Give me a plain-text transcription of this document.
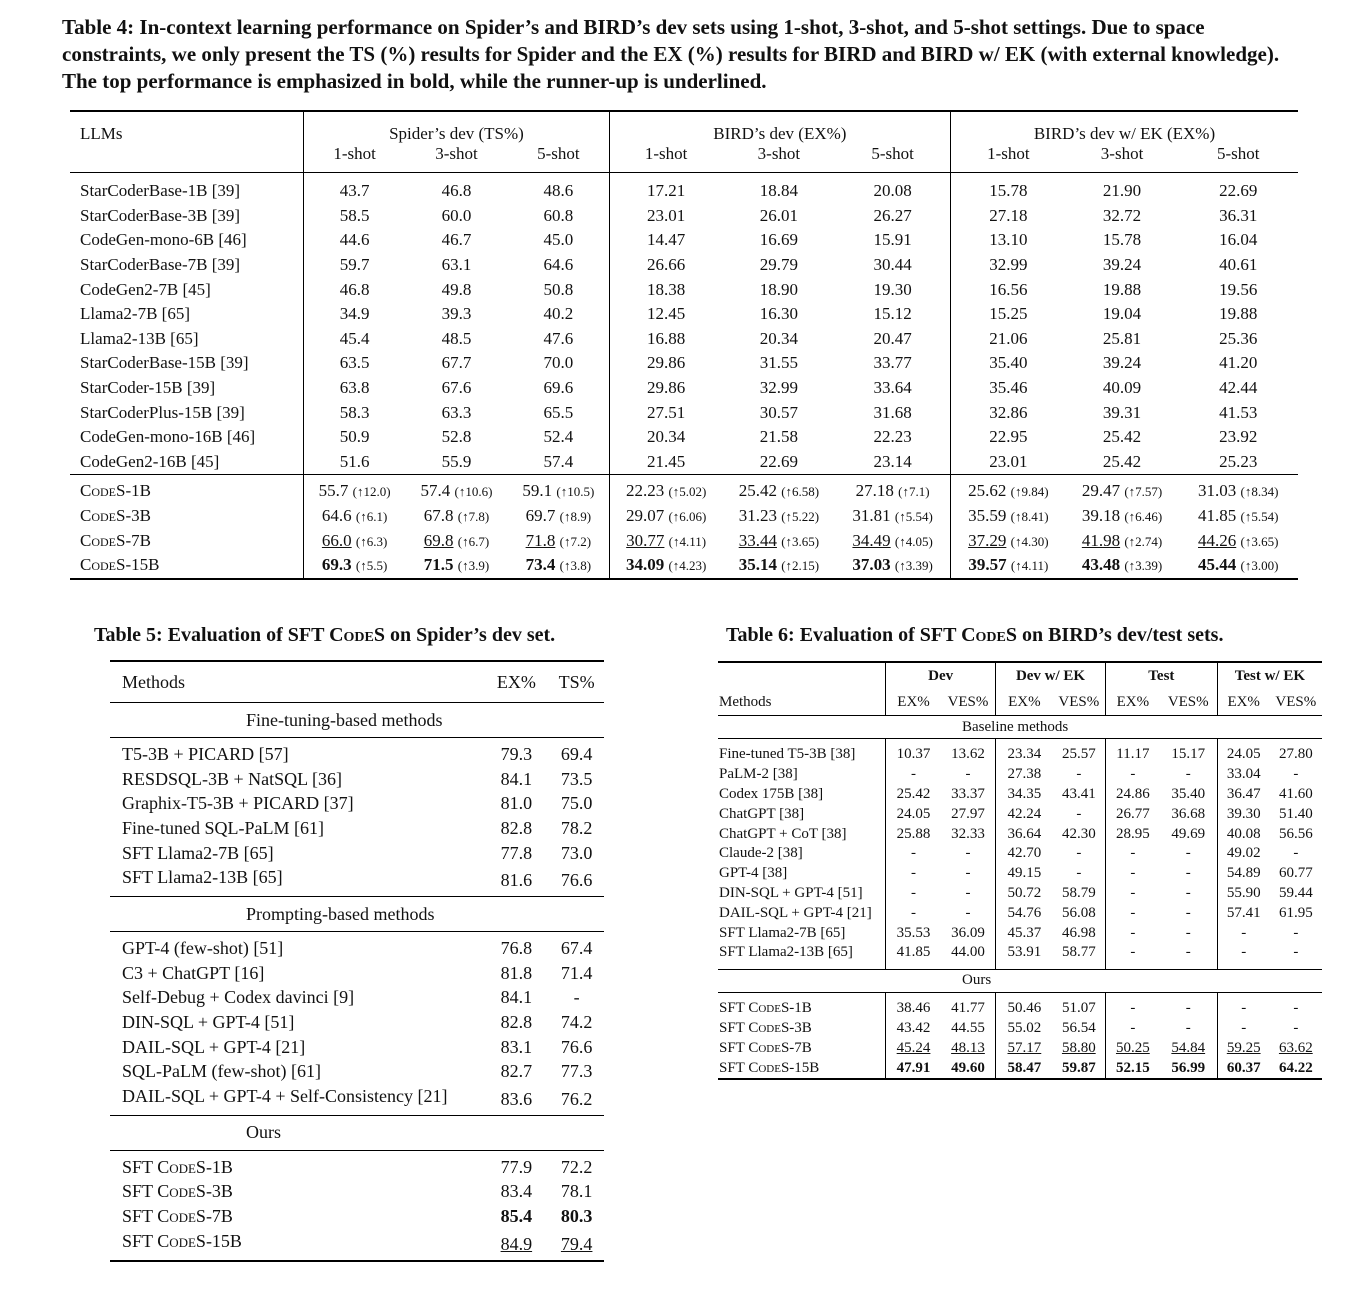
Table 4: In-context learning performance on Spider’s and BIRD’s dev sets using 1-shot, 3-shot, and 5-shot settings. Due to space constraints, we only present the TS (%) results for Spider and the EX (%) results for BIRD and BIRD w/ EK (with external knowledge). The top performance is emphasized in bold, while the runner-up is underlined.
LLMs	Spider’s dev (TS%)			BIRD’s dev (EX%)			BIRD’s dev w/ EK (EX%)		
	1-shot	3-shot	5-shot	1-shot	3-shot	5-shot	1-shot	3-shot	5-shot

StarCoderBase-1B [39]	43.7	46.8	48.6	17.21	18.84	20.08	15.78	21.90	22.69
StarCoderBase-3B [39]	58.5	60.0	60.8	23.01	26.01	26.27	27.18	32.72	36.31
CodeGen-mono-6B [46]	44.6	46.7	45.0	14.47	16.69	15.91	13.10	15.78	16.04
StarCoderBase-7B [39]	59.7	63.1	64.6	26.66	29.79	30.44	32.99	39.24	40.61
CodeGen2-7B [45]	46.8	49.8	50.8	18.38	18.90	19.30	16.56	19.88	19.56
Llama2-7B [65]	34.9	39.3	40.2	12.45	16.30	15.12	15.25	19.04	19.88
Llama2-13B [65]	45.4	48.5	47.6	16.88	20.34	20.47	21.06	25.81	25.36
StarCoderBase-15B [39]	63.5	67.7	70.0	29.86	31.55	33.77	35.40	39.24	41.20
StarCoder-15B [39]	63.8	67.6	69.6	29.86	32.99	33.64	35.46	40.09	42.44
StarCoderPlus-15B [39]	58.3	63.3	65.5	27.51	30.57	31.68	32.86	39.31	41.53
CodeGen-mono-16B [46]	50.9	52.8	52.4	20.34	21.58	22.23	22.95	25.42	23.92
CodeGen2-16B [45]	51.6	55.9	57.4	21.45	22.69	23.14	23.01	25.42	25.23

CodeS-1B	55.7 (↑12.0)	57.4 (↑10.6)	59.1 (↑10.5)	22.23 (↑5.02)	25.42 (↑6.58)	27.18 (↑7.1)	25.62 (↑9.84)	29.47 (↑7.57)	31.03 (↑8.34)
CodeS-3B	64.6 (↑6.1)	67.8 (↑7.8)	69.7 (↑8.9)	29.07 (↑6.06)	31.23 (↑5.22)	31.81 (↑5.54)	35.59 (↑8.41)	39.18 (↑6.46)	41.85 (↑5.54)
CodeS-7B	66.0 (↑6.3)	69.8 (↑6.7)	71.8 (↑7.2)	30.77 (↑4.11)	33.44 (↑3.65)	34.49 (↑4.05)	37.29 (↑4.30)	41.98 (↑2.74)	44.26 (↑3.65)
CodeS-15B	69.3 (↑5.5)	71.5 (↑3.9)	73.4 (↑3.8)	34.09 (↑4.23)	35.14 (↑2.15)	37.03 (↑3.39)	39.57 (↑4.11)	43.48 (↑3.39)	45.44 (↑3.00)
Table 5: Evaluation of SFT CodeS on Spider’s dev set.
Methods	EX%	TS%
Fine-tuning-based methods		

T5-3B + PICARD [57]	79.3	69.4
RESDSQL-3B + NatSQL [36]	84.1	73.5
Graphix-T5-3B + PICARD [37]	81.0	75.0
Fine-tuned SQL-PaLM [61]	82.8	78.2
SFT Llama2-7B [65]	77.8	73.0
SFT Llama2-13B [65]	81.6	76.6
Prompting-based methods		

GPT-4 (few-shot) [51]	76.8	67.4
C3 + ChatGPT [16]	81.8	71.4
Self-Debug + Codex davinci [9]	84.1	-
DIN-SQL + GPT-4 [51]	82.8	74.2
DAIL-SQL + GPT-4 [21]	83.1	76.6
SQL-PaLM (few-shot) [61]	82.7	77.3
DAIL-SQL + GPT-4 + Self-Consistency [21]	83.6	76.2
Ours		

SFT CodeS-1B	77.9	72.2
SFT CodeS-3B	83.4	78.1
SFT CodeS-7B	85.4	80.3
SFT CodeS-15B	84.9	79.4
Table 6: Evaluation of SFT CodeS on BIRD’s dev/test sets.
	Dev		Dev w/ EK		Test		Test w/ EK	
Methods	EX%	VES%	EX%	VES%	EX%	VES%	EX%	VES%
Baseline methods								

Fine-tuned T5-3B [38]	10.37	13.62	23.34	25.57	11.17	15.17	24.05	27.80
PaLM-2 [38]	-	-	27.38	-	-	-	33.04	-
Codex 175B [38]	25.42	33.37	34.35	43.41	24.86	35.40	36.47	41.60
ChatGPT [38]	24.05	27.97	42.24	-	26.77	36.68	39.30	51.40
ChatGPT + CoT [38]	25.88	32.33	36.64	42.30	28.95	49.69	40.08	56.56
Claude-2 [38]	-	-	42.70	-	-	-	49.02	-
GPT-4 [38]	-	-	49.15	-	-	-	54.89	60.77
DIN-SQL + GPT-4 [51]	-	-	50.72	58.79	-	-	55.90	59.44
DAIL-SQL + GPT-4 [21]	-	-	54.76	56.08	-	-	57.41	61.95
SFT Llama2-7B [65]	35.53	36.09	45.37	46.98	-	-	-	-
SFT Llama2-13B [65]	41.85	44.00	53.91	58.77	-	-	-	-

Ours								

SFT CodeS-1B	38.46	41.77	50.46	51.07	-	-	-	-
SFT CodeS-3B	43.42	44.55	55.02	56.54	-	-	-	-
SFT CodeS-7B	45.24	48.13	57.17	58.80	50.25	54.84	59.25	63.62
SFT CodeS-15B	47.91	49.60	58.47	59.87	52.15	56.99	60.37	64.22
